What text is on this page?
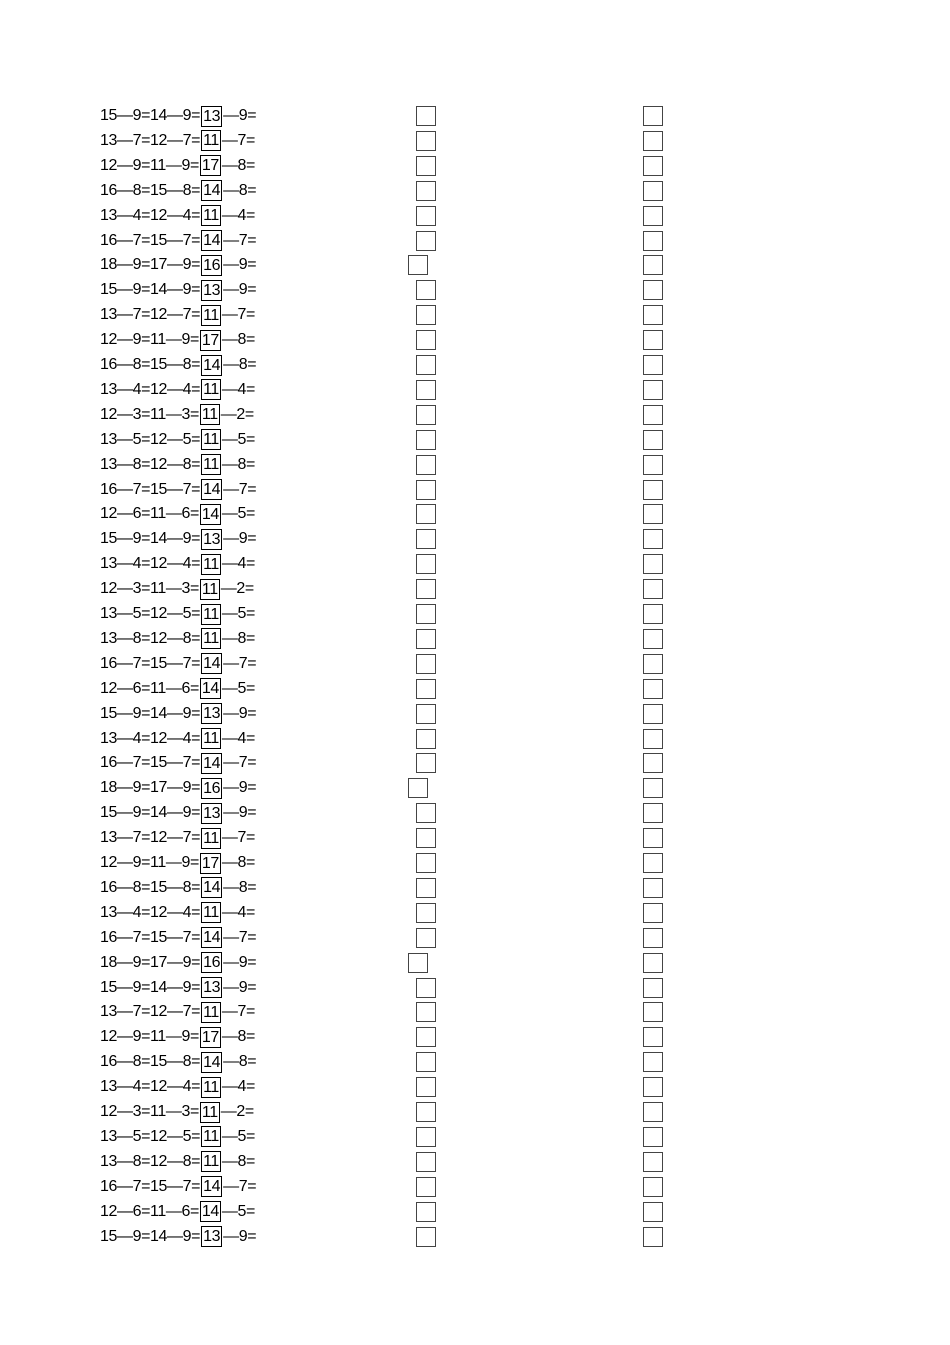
15—9=14—9= 13 —9=
13—7=12—7= 11 —7=
12—9=11—9= 17 —8=
16—8=15—8= 14 —8=
13—4=12—4= 11 —4=
16—7=15—7= 14 —7=
18—9=17—9= 16 —9=
15—9=14—9= 13 —9=
13—7=12—7= 11 —7=
12—9=11—9= 17 —8=
16—8=15—8= 14 —8=
13—4=12—4= 11 —4=
12—3=11—3= 11 —2=
13—5=12—5= 11 —5=
13—8=12—8= 11 —8=
16—7=15—7= 14 —7=
12—6=11—6= 14 —5=
15—9=14—9= 13 —9=
13—4=12—4= 11 —4=
12—3=11—3= 11 —2=
13—5=12—5= 11 —5=
13—8=12—8= 11 —8=
16—7=15—7= 14 —7=
12—6=11—6= 14 —5=
15—9=14—9= 13 —9=
13—4=12—4= 11 —4=
16—7=15—7= 14 —7=
18—9=17—9= 16 —9=
15—9=14—9= 13 —9=
13—7=12—7= 11 —7=
12—9=11—9= 17 —8=
16—8=15—8= 14 —8=
13—4=12—4= 11 —4=
16—7=15—7= 14 —7=
18—9=17—9= 16 —9=
15—9=14—9= 13 —9=
13—7=12—7= 11 —7=
12—9=11—9= 17 —8=
16—8=15—8= 14 —8=
13—4=12—4= 11 —4=
12—3=11—3= 11 —2=
13—5=12—5= 11 —5=
13—8=12—8= 11 —8=
16—7=15—7= 14 —7=
12—6=11—6= 14 —5=
15—9=14—9= 13 —9=
